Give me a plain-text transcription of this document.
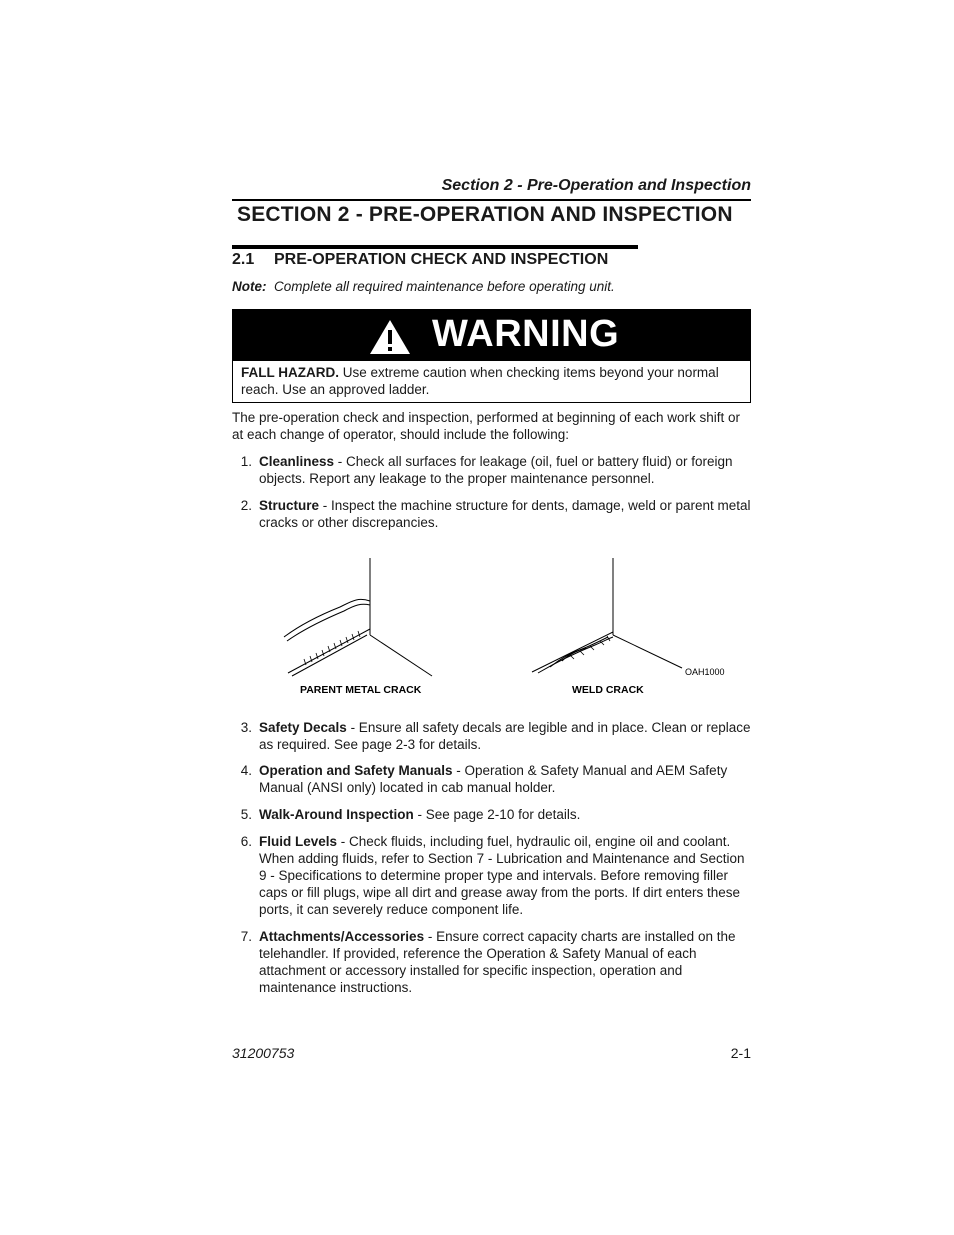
Section 2 - Pre-Operation and Inspection
SECTION 2 - PRE-OPERATION AND INSPECTION
2.1 PRE-OPERATION CHECK AND INSPECTION
Note: Complete all required maintenance before operating unit.
WARNING
FALL HAZARD. Use extreme caution when checking items beyond your normal reach. Use an approved ladder.
The pre-operation check and inspection, performed at beginning of each work shift or at each change of operator, should include the following:
1. Cleanliness - Check all surfaces for leakage (oil, fuel or battery fluid) or foreign objects. Report any leakage to the proper maintenance personnel.
2. Structure - Inspect the machine structure for dents, damage, weld or parent metal cracks or other discrepancies.
PARENT METAL CRACK	WELD CRACK
OAH1000
3. Safety Decals - Ensure all safety decals are legible and in place. Clean or replace as required. See page 2-3 for details.
4. Operation and Safety Manuals - Operation & Safety Manual and AEM Safety Manual (ANSI only) located in cab manual holder.
5. Walk-Around Inspection - See page 2-10 for details.
6. Fluid Levels - Check fluids, including fuel, hydraulic oil, engine oil and coolant. When adding fluids, refer to Section 7 - Lubrication and Maintenance and Section 9 - Specifications to determine proper type and intervals. Before removing filler caps or fill plugs, wipe all dirt and grease away from the ports. If dirt enters these ports, it can severely reduce component life.
7. Attachments/Accessories - Ensure correct capacity charts are installed on the telehandler. If provided, reference the Operation & Safety Manual of each attachment or accessory installed for specific inspection, operation and maintenance instructions.
31200753	2-1
